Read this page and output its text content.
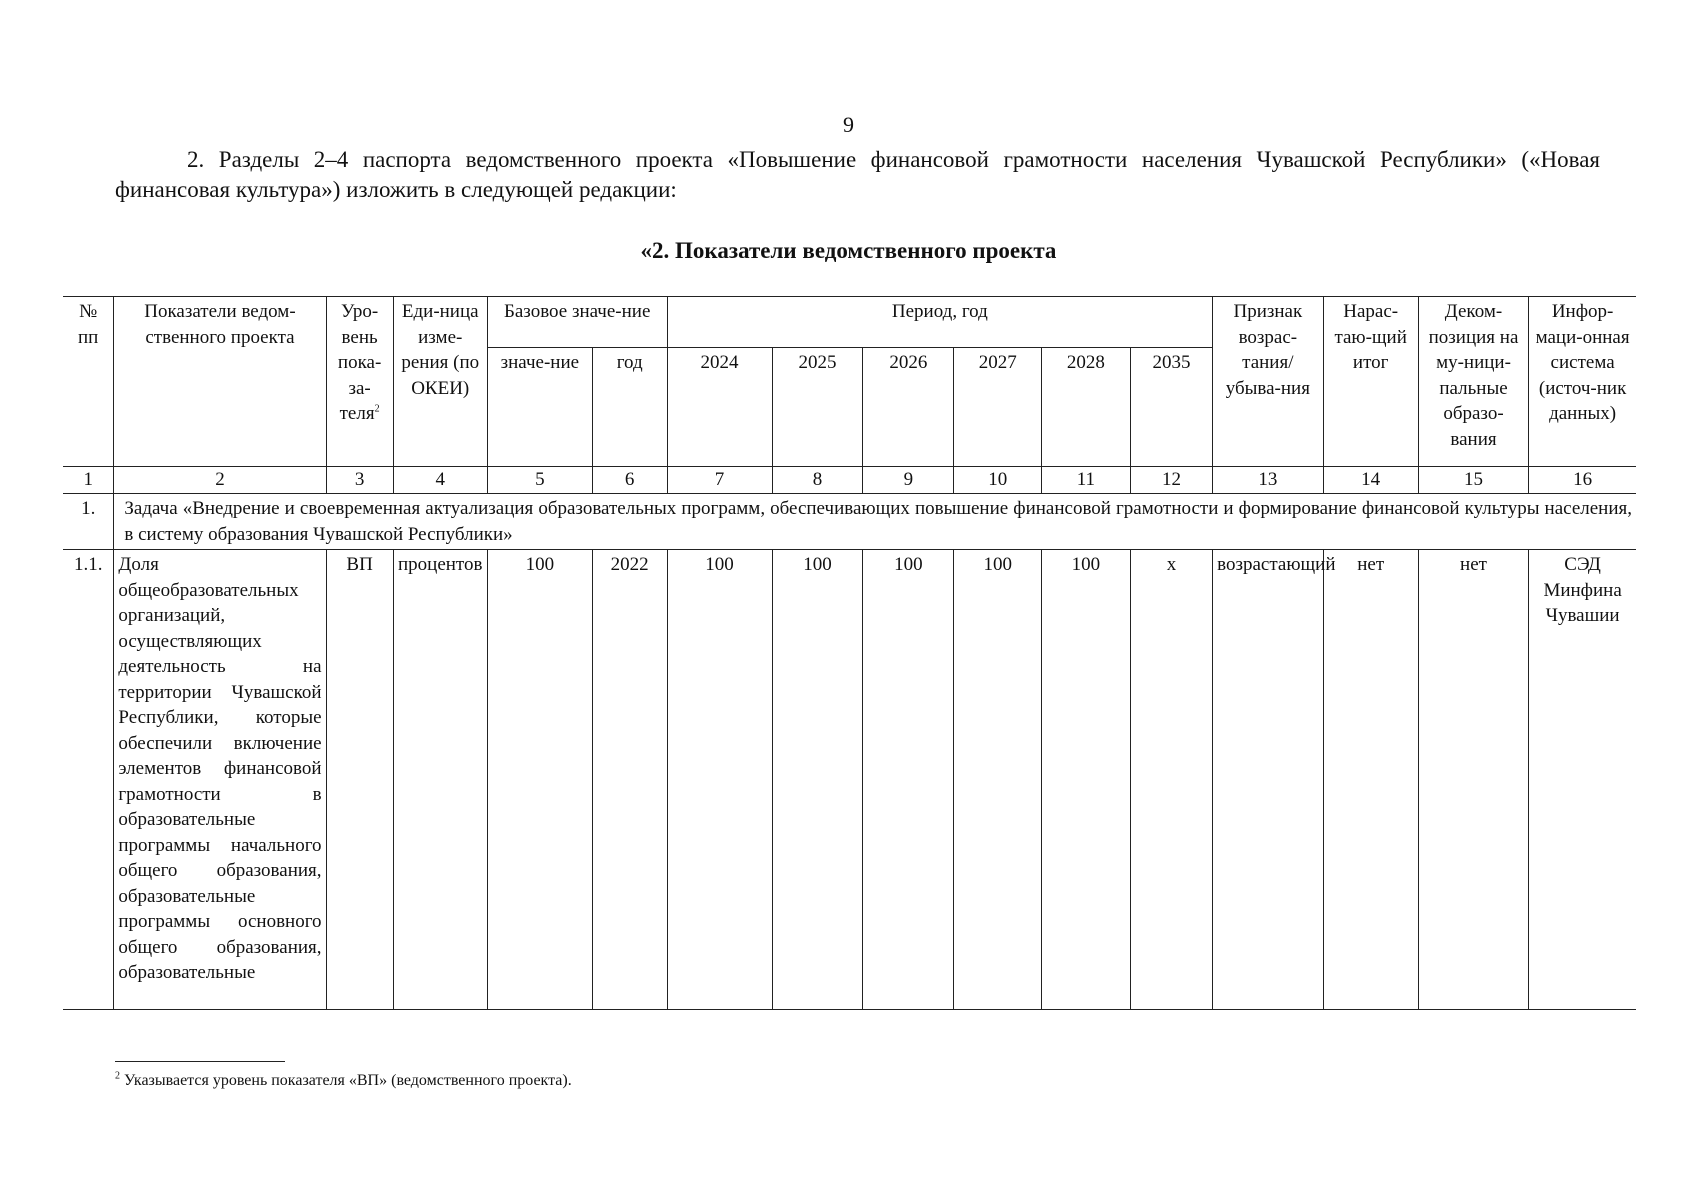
9

2. Разделы 2–4 паспорта ведомственного проекта «Повышение финансовой грамотности населения Чувашской Республики» («Новая финансовая культура») изложить в следующей редакции:

«2. Показатели ведомственного проекта
№ пп	Показатели ведом-ственного проекта	Уро-вень пока-за-теля$^2$	Еди-ница изме-рения (по ОКЕИ)	Базовое значе-ние		Период, год						Признак возрас-тания/ убыва-ния	Нарас-таю-щий итог	Деком-позиция на му-ници-пальные образо-вания	Инфор-маци-онная система (источ-ник данных)
				значе-ние	год	2024	2025	2026	2027	2028	2035				
1	2	3	4	5	6	7	8	9	10	11	12	13	14	15	16
1.	Задача «Внедрение и своевременная актуализация образовательных программ, обеспечивающих повышение финансовой грамотности и формирование финансовой культуры населения, в систему образования Чувашской Республики»														
1.1.	Доля общеобразовательных организаций, осуществляющих деятельность на территории Чувашской Республики, которые обеспечили включение элементов финансовой грамотности в образовательные программы начального общего образования, образовательные программы основного общего образования, образовательные	ВП	процентов	100	2022	100	100	100	100	100	х	возрастающий	нет	нет	СЭД Минфина Чувашии
$^2$ Указывается уровень показателя «ВП» (ведомственного проекта).
